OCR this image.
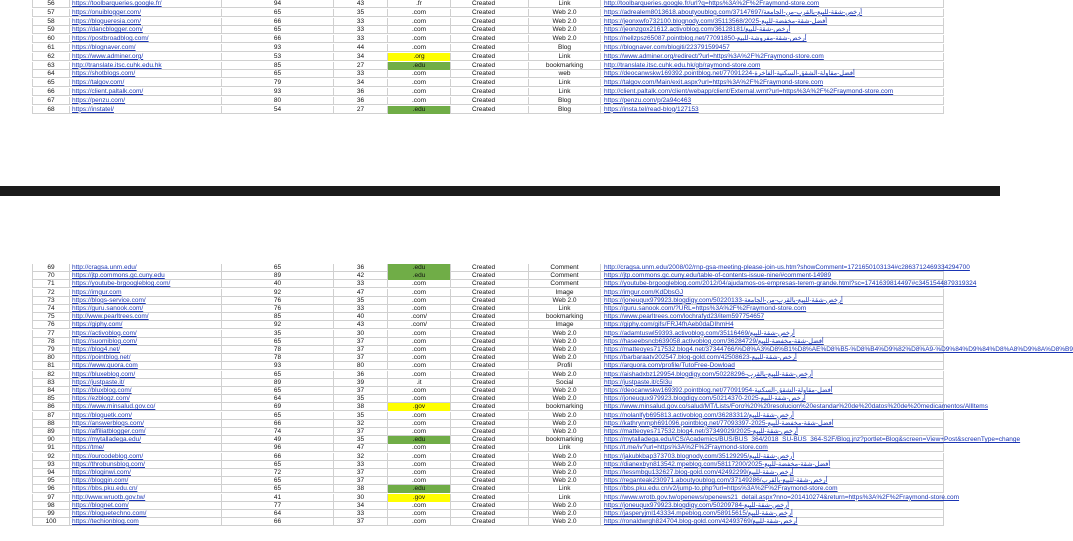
56	https://toolbarqueries.google.fr/	94	43	.fr	Created	Link	http://toolbarqueries.google.fr/url?q=https%3A%2F%2Fraymond-store.com
57	https://onuiblogger.com/	65	35	.com	Created	Web 2.0	https://adrealem8013618.aboutyoublog.com/37147697/أرخص-شقة-للبيع-بالقرب-من-الجامعة
58	https://blogueresia.com/	66	33	.com	Created	Web 2.0	https://jeonxwfo732100.blognody.com/35113568/2025-أفضل-شقة-مخفضة-للبيع
59	https://dancblogger.com/	65	33	.com	Created	Web 2.0	https://jeonzgox21612.activoblog.com/36128181/أرخص-شقة-للبيع
60	https://postbroadblog.com/	66	33	.com	Created	Web 2.0	https://nellzpsz65087.pointblog.net/77091850-أرخص-شقة-مفروشة-للبيع
61	https://blognaver.com/	93	44	.com	Created	Blog	https://blognaver.com/blogiti/223791599457
62	https://www.adminer.org/	53	34	.org	Created	Link	https://www.adminer.org/redirect/?url=https%3A%2F%2Fraymond-store.com
63	http://translate.itsc.cuhk.edu.hk	85	27	.edu	Created	bookmarking	http://translate.itsc.cuhk.edu.hk/gb/raymond-store.com
64	https://shotblogs.com/	65	33	.com	Created	web	https://deocanwskw169392.pointblog.net/77091224-أفضل-مقاولة-الشقق-السكنية-الفاخرة
65	https://talgov.com/	79	34	.com	Created	Link	https://talgov.com/Main/exit.aspx?url=https%3A%2F%2Fraymond-store.com
66	https://client.paltalk.com/	93	36	.com	Created	Link	http://client.paltalk.com/client/webapp/client/External.wmt?url=https%3A%2F%2Fraymond-store.com
67	https://penzu.com/	80	36	.com	Created	Blog	https://penzu.com/p/2a94c463
68	https://instatel/	54	27	.edu	Created	Blog	https://insta.tel/read-blog/127153
69	http://cragsa.unm.edu/	65	36	.edu	Created	Comment	http://cragsa.unm.edu/2008/02/rnp-gsa-meeting-please-join-us.htm?showComment=1721650103134#c2863712469334294700
70	https://jtp.commons.gc.cuny.edu	89	42	.edu	Created	Comment	https://jtp.commons.gc.cuny.edu/table-of-contents-issue-nine/#comment-14989
71	https://youtube-brgoogleblog.com/	40	33	.com	Created	Comment	https://youtube-brgoogleblog.com/2012/04/ajudamos-os-empresas-terem-grande.html?sc=1741639814497#c3451544879319324
72	https://imgur.com	92	47	.com	Created	Image	https://imgur.com/KdDbsGJ
73	https://blogs-service.com/	76	35	.com	Created	Web 2.0	https://joneuqux979923.blogdigy.com/50220133-أرخص-شقة-للبيع-بالقرب-من-الجامعة
74	https://guru.sanook.com/	76	33	.com	Created	Link	https://guru.sanook.com/?URL=https%3A%2F%2Fraymond-store.com
75	http://www.pearltrees.com/	85	40	.com/	Created	bookmarking	https://www.pearltrees.com/lochrafyd23/item597754657
76	https://giphy.com/	92	43	.com/	Created	Image	https://giphy.com/gifs/FRJ4fhAeb0daDIhmH4
77	https://activoblog.com/	35	30	.com	Created	Web 2.0	https://adamtuswl59393.activoblog.com/35116469/أرخص-شقة-للبيع
78	https://suomiblog.com/	65	37	.com	Created	Web 2.0	https://haseebsncb639058.activoblog.com/36284729/أفضل-شقة-مخفضة-للبيع
79	https://blog4.net/	78	37	.com	Created	Web 2.0	https://matteoyes717532.blog4.net/37344766/%D8%A3%D8%B1%D8%AE%D8%B5-%D8%B4%D9%82%D8%A9-%D9%84%D9%84%D8%A8%D9%8A%D8%B9
80	https://pointblog.net/	78	37	.com	Created	Web 2.0	https://barbaraatv202547.blog-gold.com/42508623-أرخص-شقة-للبيع
81	https://www.quora.com	93	80	.com	Created	Profil	https://arquora.com/profile/TutoFree-Dowload
82	https://bluxeblog.com/	65	36	.com	Created	Web 2.0	https://aishadxbz129954.blogdigy.com/50228296-أرخص-شقة-للبيع-بالقرب
83	https://justpaste.it/	89	39	.it	Created	Social	https://justpaste.it/c5l3u
84	https://bluxblog.com/	65	37	.com	Created	Web 2.0	https://deocanwskw169392.pointblog.net/77091954-أفضل-مقاولة-الشقق-السكنية
85	https://ezblogz.com/	64	35	.com	Created	Web 2.0	https://joneuqux979923.blogdigy.com/50214370-2025-أرخص-شقة-للبيع
86	https://www.minsalud.gov.co/	69	38	.gov	Created	bookmarking	https://www.minsalud.gov.co/salud/MT/Lists/Foro%20%20resolucion%20estandar%20de%20datos%20de%20medicamentos/AllItems
87	https://bloguetk.com/	65	35	.com	Created	Web 2.0	https://nolanlfyb695813.activoblog.com/36283312/أرخص-شقة-للبيع
88	https://answerblogs.com/	66	32	.com	Created	Web 2.0	https://kathrynmph691096.pointblog.net/77093397-2025-أفضل-شقة-مخفضة-للبيع
89	https://affiliatblogger.com/	74	37	.com	Created	Web 2.0	https://matteoyes717532.blog4.net/37349029/2025-أرخص-شقة-للبيع
90	https://mytalladega.edu/	49	35	.edu	Created	bookmarking	https://mytalladega.edu/ICS/Academics/BUS/BUS_364/2018_SU-BUS_364-S2F/Blog.jnz?portlet=Blog&screen=View+Post&screenType=change
91	https://tme/	96	47	.com	Created	Link	https://t.me/iv?url=https%3A%2F%2Fraymond-store.com
92	https://ourcodeblog.com/	66	32	.com	Created	Web 2.0	https://jakubkbap373703.blognody.com/35129295/أرخص-شقة-للبيع
93	https://throbunsblog.com/	65	33	.com	Created	Web 2.0	https://dianexbyn813542.mpeblog.com/58117200/2025-أفضل-شقة-مخفضة-للبيع
94	https://bloginwi.com/	72	37	.com	Created	Web 2.0	https://tessmbgu132627.blog-gold.com/42492299/أرخص-شقة-للبيع
95	https://bloggin.com/	65	37	.com	Created	Web 2.0	https://reganteak230971.aboutyoublog.com/37149286/أرخص-شقة-للبيع-بالقرب
96	https://bbs.pku.edu.cn/	65	38	.edu	Created	Link	https://bbs.pku.edu.cn/v2/jump-to.php?url=https%3A%2F%2Fraymond-store.com
97	http://www.wruotb.gov.tw/	41	30	.gov	Created	Link	https://www.wrotb.gov.tw/openews/openews21_detail.aspx?nno=201410274&return=https%3A%2F%2Fraymond-store.com
98	https://blognet.com/	77	34	.com	Created	Web 2.0	https://joneuqux979923.blogdigy.com/50209784-أرخص-شقة-للبيع
99	https://bloguetechno.com/	64	33	.com	Created	Web 2.0	https://jasperyjml143334.mpeblog.com/58915615/أرخص-شقة-للبيع
100	https://techionblog.com	66	37	.com	Created	Web 2.0	https://ronaldwrgh824704.blog-gold.com/42493769/أرخص-شقة-للبيع
